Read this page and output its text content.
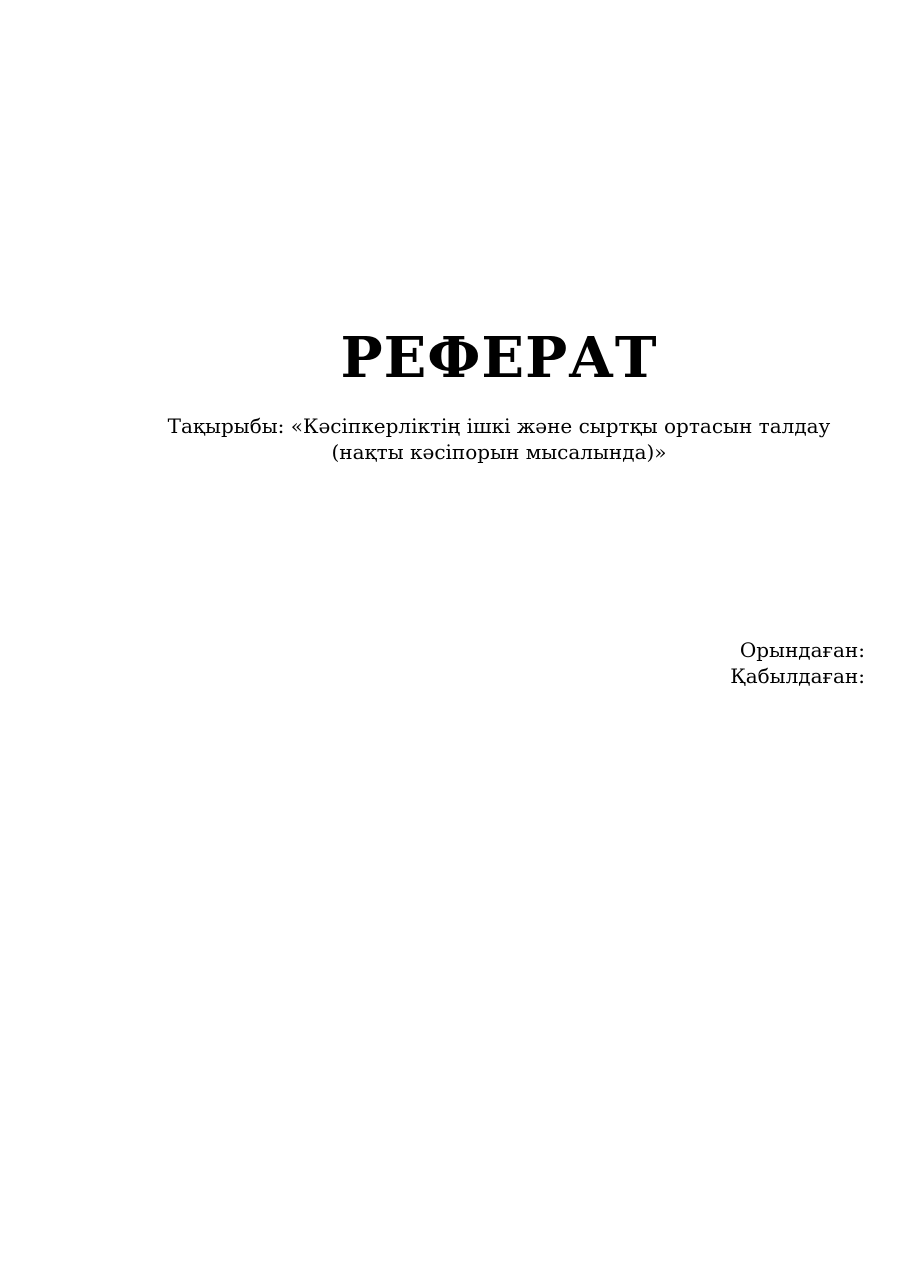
РЕФЕРАТ
Тақырыбы: «Кәсіпкерліктің ішкі және сыртқы ортасын талдау
(нақты кәсіпорын мысалында)»
Орындаған:
Қабылдаған:
